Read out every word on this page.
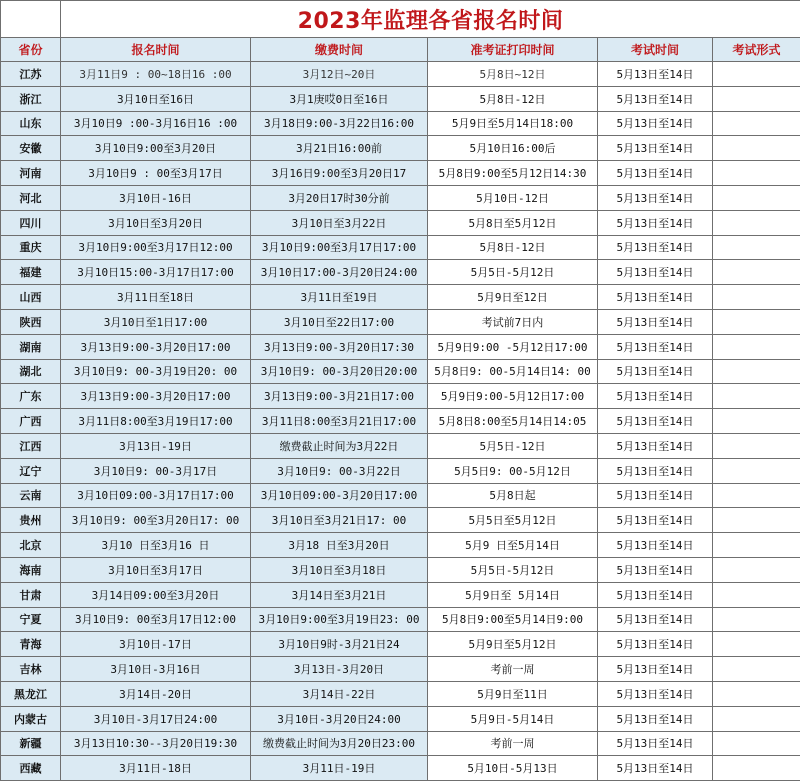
	2023年监理各省报名时间				
省份	报名时间	缴费时间	准考证打印时间	考试时间	考试形式
江苏	3月11日9 : 00~18日16 :00	3月12日~20日	5月8日~12日	5月13日至14日	
浙江	3月10日至16日	3月1庚哎0日至16日	5月8日-12日	5月13日至14日	
山东	3月10日9 :00-3月16日16 :00	3月18日9:00-3月22日16:00	5月9日至5月14日18:00	5月13日至14日	
安徽	3月10日9:00至3月20日	3月21日16:00前	5月10日16:00后	5月13日至14日	
河南	3月10日9 : 00至3月17日	3月16日9:00至3月20日17	5月8日9:00至5月12日14:30	5月13日至14日	
河北	3月10日-16日	3月20日17时30分前	5月10日-12日	5月13日至14日	
四川	3月10日至3月20日	3月10日至3月22日	5月8日至5月12日	5月13日至14日	
重庆	3月10日9:00至3月17日12:00	3月10日9:00至3月17日17:00	5月8日-12日	5月13日至14日	
福建	3月10日15:00-3月17日17:00	3月10日17:00-3月20日24:00	5月5日-5月12日	5月13日至14日	
山西	3月11日至18日	3月11日至19日	5月9日至12日	5月13日至14日	
陕西	3月10日至1日17:00	3月10日至22日17:00	考试前7日内	5月13日至14日	
湖南	3月13日9:00-3月20日17:00	3月13日9:00-3月20日17:30	5月9日9:00 -5月12日17:00	5月13日至14日	
湖北	3月10日9: 00-3月19日20: 00	3月10日9: 00-3月20日20:00	5月8日9: 00-5月14日14: 00	5月13日至14日	
广东	3月13日9:00-3月20日17:00	3月13日9:00-3月21日17:00	5月9日9:00-5月12日17:00	5月13日至14日	
广西	3月11日8:00至3月19日17:00	3月11日8:00至3月21日17:00	5月8日8:00至5月14日14:05	5月13日至14日	
江西	3月13日-19日	缴费截止时间为3月22日	5月5日-12日	5月13日至14日	
辽宁	3月10日9: 00-3月17日	3月10日9: 00-3月22日	5月5日9: 00-5月12日	5月13日至14日	
云南	3月10日09:00-3月17日17:00	3月10日09:00-3月20日17:00	5月8日起	5月13日至14日	
贵州	3月10日9: 00至3月20日17: 00	3月10日至3月21日17: 00	5月5日至5月12日	5月13日至14日	
北京	3月10 日至3月16 日	3月18 日至3月20日	5月9 日至5月14日	5月13日至14日	
海南	3月10日至3月17日	3月10日至3月18日	5月5日-5月12日	5月13日至14日	
甘肃	3月14日09:00至3月20日	3月14日至3月21日	5月9日至 5月14日	5月13日至14日	
宁夏	3月10日9: 00至3月17日12:00	3月10日9:00至3月19日23: 00	5月8日9:00至5月14日9:00	5月13日至14日	
青海	3月10日-17日	3月10日9时-3月21日24	5月9日至5月12日	5月13日至14日	
吉林	3月10日-3月16日	3月13日-3月20日	考前一周	5月13日至14日	
黑龙江	3月14日-20日	3月14日-22日	5月9日至11日	5月13日至14日	
内蒙古	3月10日-3月17日24:00	3月10日-3月20日24:00	5月9日-5月14日	5月13日至14日	
新疆	3月13日10:30--3月20日19:30	缴费截止时间为3月20日23:00	考前一周	5月13日至14日	
西藏	3月11日-18日	3月11日-19日	5月10日-5月13日	5月13日至14日	
